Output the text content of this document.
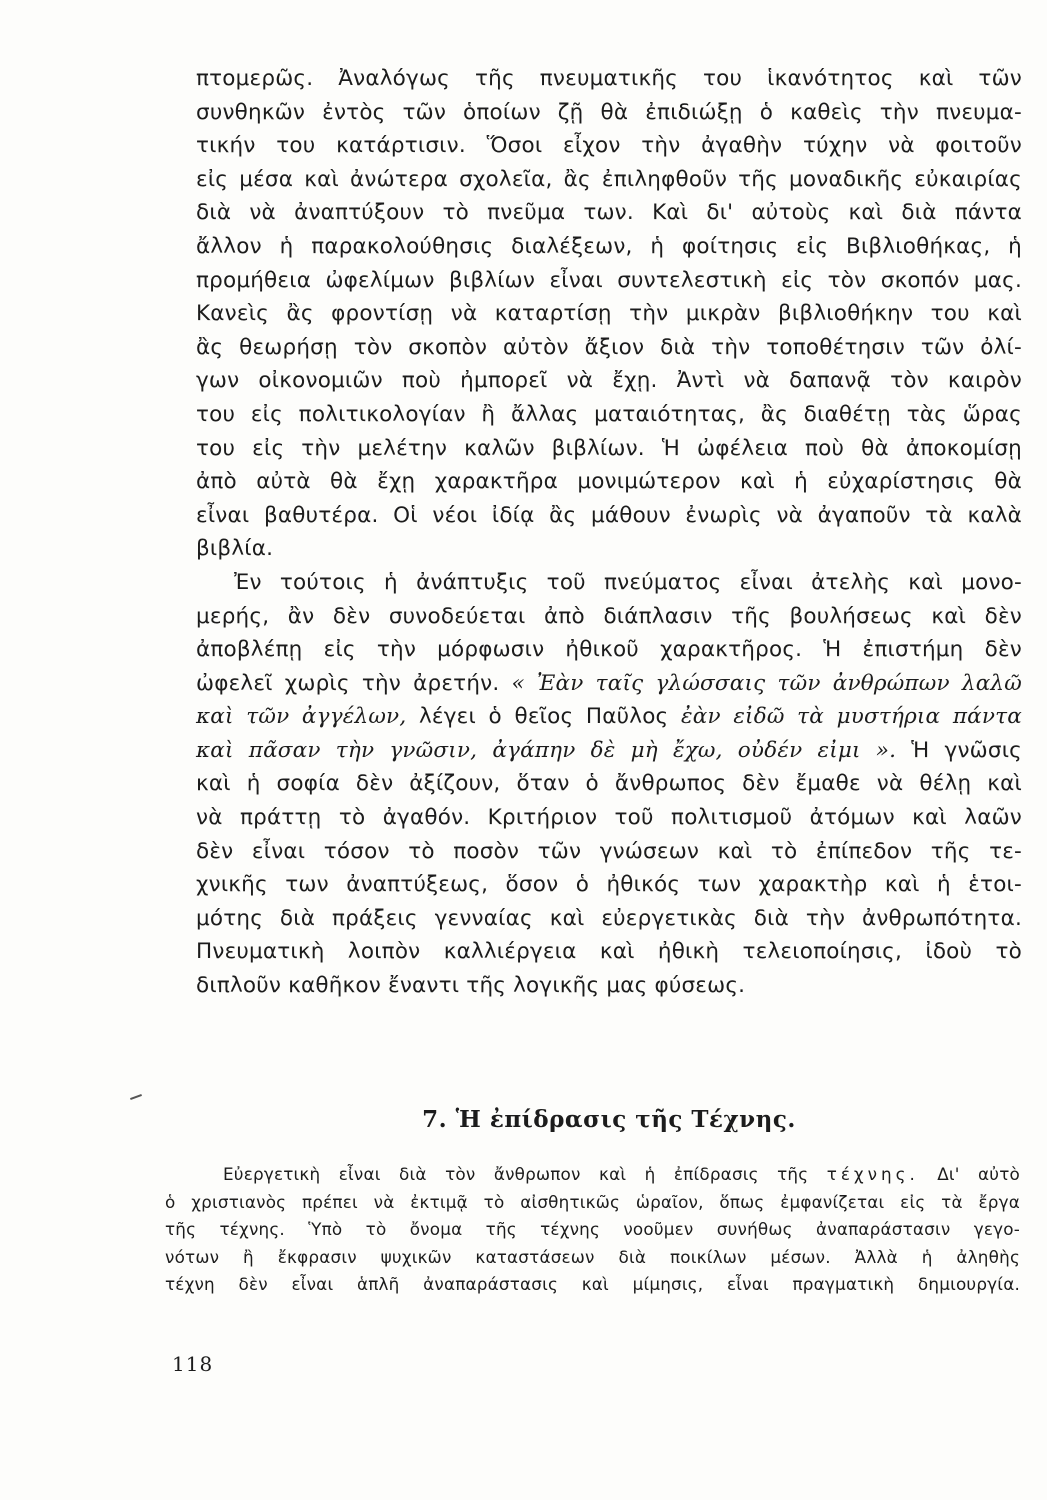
πτομερῶς. Ἀναλόγως τῆς πνευματικῆς του ἱκανότητος καὶ τῶν
συνθηκῶν ἐντὸς τῶν ὁποίων ζῇ θὰ ἐπιδιώξῃ ὁ καθεὶς τὴν πνευμα-
τικήν του κατάρτισιν. Ὅσοι εἶχον τὴν ἀγαθὴν τύχην νὰ φοιτοῦν
εἰς μέσα καὶ ἀνώτερα σχολεῖα, ἂς ἐπιληφθοῦν τῆς μοναδικῆς εὐκαιρίας
διὰ νὰ ἀναπτύξουν τὸ πνεῦμα των. Καὶ δι' αὐτοὺς καὶ διὰ πάντα
ἄλλον ἡ παρακολούθησις διαλέξεων, ἡ φοίτησις εἰς Βιβλιοθήκας, ἡ
προμήθεια ὠφελίμων βιβλίων εἶναι συντελεστικὴ εἰς τὸν σκοπόν μας.
Κανεὶς ἂς φροντίσῃ νὰ καταρτίσῃ τὴν μικρὰν βιβλιοθήκην του καὶ
ἂς θεωρήσῃ τὸν σκοπὸν αὐτὸν ἄξιον διὰ τὴν τοποθέτησιν τῶν ὀλί-
γων οἰκονομιῶν ποὺ ἠμπορεῖ νὰ ἔχῃ. Ἀντὶ νὰ δαπανᾷ τὸν καιρὸν
του εἰς πολιτικολογίαν ἢ ἄλλας ματαιότητας, ἂς διαθέτῃ τὰς ὥρας
του εἰς τὴν μελέτην καλῶν βιβλίων. Ἡ ὠφέλεια ποὺ θὰ ἀποκομίσῃ
ἀπὸ αὐτὰ θὰ ἔχῃ χαρακτῆρα μονιμώτερον καὶ ἡ εὐχαρίστησις θὰ
εἶναι βαθυτέρα. Οἱ νέοι ἰδίᾳ ἂς μάθουν ἐνωρὶς νὰ ἀγαποῦν τὰ καλὰ
βιβλία.
Ἐν τούτοις ἡ ἀνάπτυξις τοῦ πνεύματος εἶναι ἀτελὴς καὶ μονο-
μερής, ἂν δὲν συνοδεύεται ἀπὸ διάπλασιν τῆς βουλήσεως καὶ δὲν
ἀποβλέπῃ εἰς τὴν μόρφωσιν ἠθικοῦ χαρακτῆρος. Ἡ ἐπιστήμη δὲν
ὠφελεῖ χωρὶς τὴν ἀρετήν. « Ἐὰν ταῖς γλώσσαις τῶν ἀνθρώπων λαλῶ
καὶ τῶν ἀγγέλων, λέγει ὁ θεῖος Παῦλος ἐὰν εἰδῶ τὰ μυστήρια πάντα
καὶ πᾶσαν τὴν γνῶσιν, ἀγάπην δὲ μὴ ἔχω, οὐδέν εἰμι ». Ἡ γνῶσις
καὶ ἡ σοφία δὲν ἀξίζουν, ὅταν ὁ ἄνθρωπος δὲν ἔμαθε νὰ θέλῃ καὶ
νὰ πράττῃ τὸ ἀγαθόν. Κριτήριον τοῦ πολιτισμοῦ ἀτόμων καὶ λαῶν
δὲν εἶναι τόσον τὸ ποσὸν τῶν γνώσεων καὶ τὸ ἐπίπεδον τῆς τε-
χνικῆς των ἀναπτύξεως, ὅσον ὁ ἠθικός των χαρακτὴρ καὶ ἡ ἑτοι-
μότης διὰ πράξεις γενναίας καὶ εὐεργετικὰς διὰ τὴν ἀνθρωπότητα.
Πνευματικὴ λοιπὸν καλλιέργεια καὶ ἠθικὴ τελειοποίησις, ἰδοὺ τὸ
διπλοῦν καθῆκον ἔναντι τῆς λογικῆς μας φύσεως.
7. Ἡ ἐπίδρασις τῆς Τέχνης.
Εὐεργετικὴ εἶναι διὰ τὸν ἄνθρωπον καὶ ἡ ἐπίδρασις τῆς τέχνης. Δι' αὐτὸ
ὁ χριστιανὸς πρέπει νὰ ἐκτιμᾷ τὸ αἰσθητικῶς ὡραῖον, ὅπως ἐμφανίζεται εἰς τὰ ἔργα
τῆς τέχνης. Ὑπὸ τὸ ὄνομα τῆς τέχνης νοοῦμεν συνήθως ἀναπαράστασιν γεγο-
νότων ἢ ἔκφρασιν ψυχικῶν καταστάσεων διὰ ποικίλων μέσων. Ἀλλὰ ἡ ἀληθὴς
τέχνη δὲν εἶναι ἁπλῆ ἀναπαράστασις καὶ μίμησις, εἶναι πραγματικὴ δημιουργία.
118
